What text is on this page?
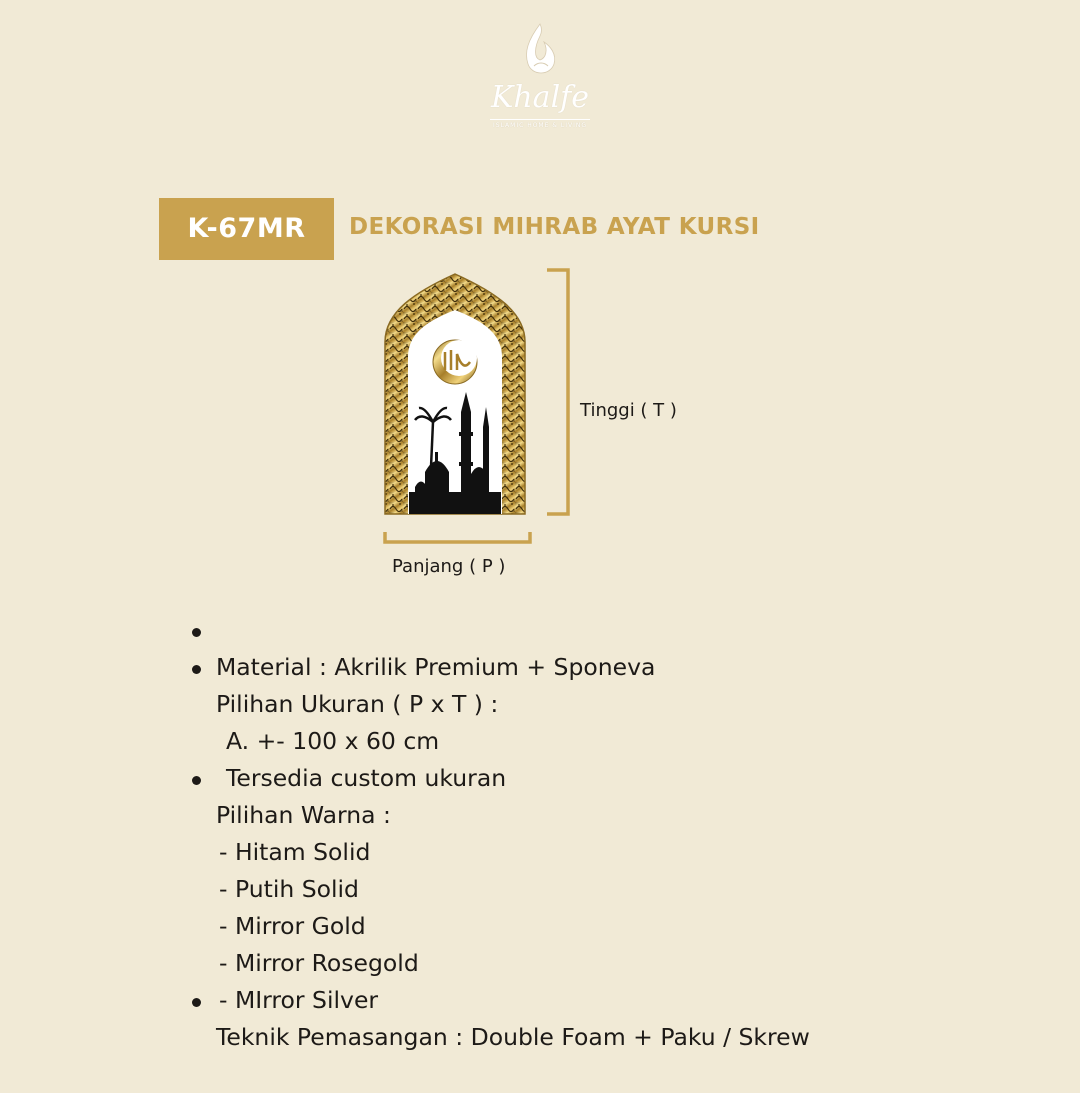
Khalfe
ISLAMIC HOME & LIVING
K-67MR	DEKORASI MIHRAB AYAT KURSI
Tinggi ( T )
Panjang ( P )

Material : Akrilik Premium + Sponeva

Pilihan Ukuran ( P x T ) :

A. +- 100 x 60 cm

Tersedia custom ukuran

Pilihan Warna :

- Hitam Solid

- Putih Solid

- Mirror Gold

- Mirror Rosegold

- MIrror Silver

Teknik Pemasangan : Double Foam + Paku / Skrew
